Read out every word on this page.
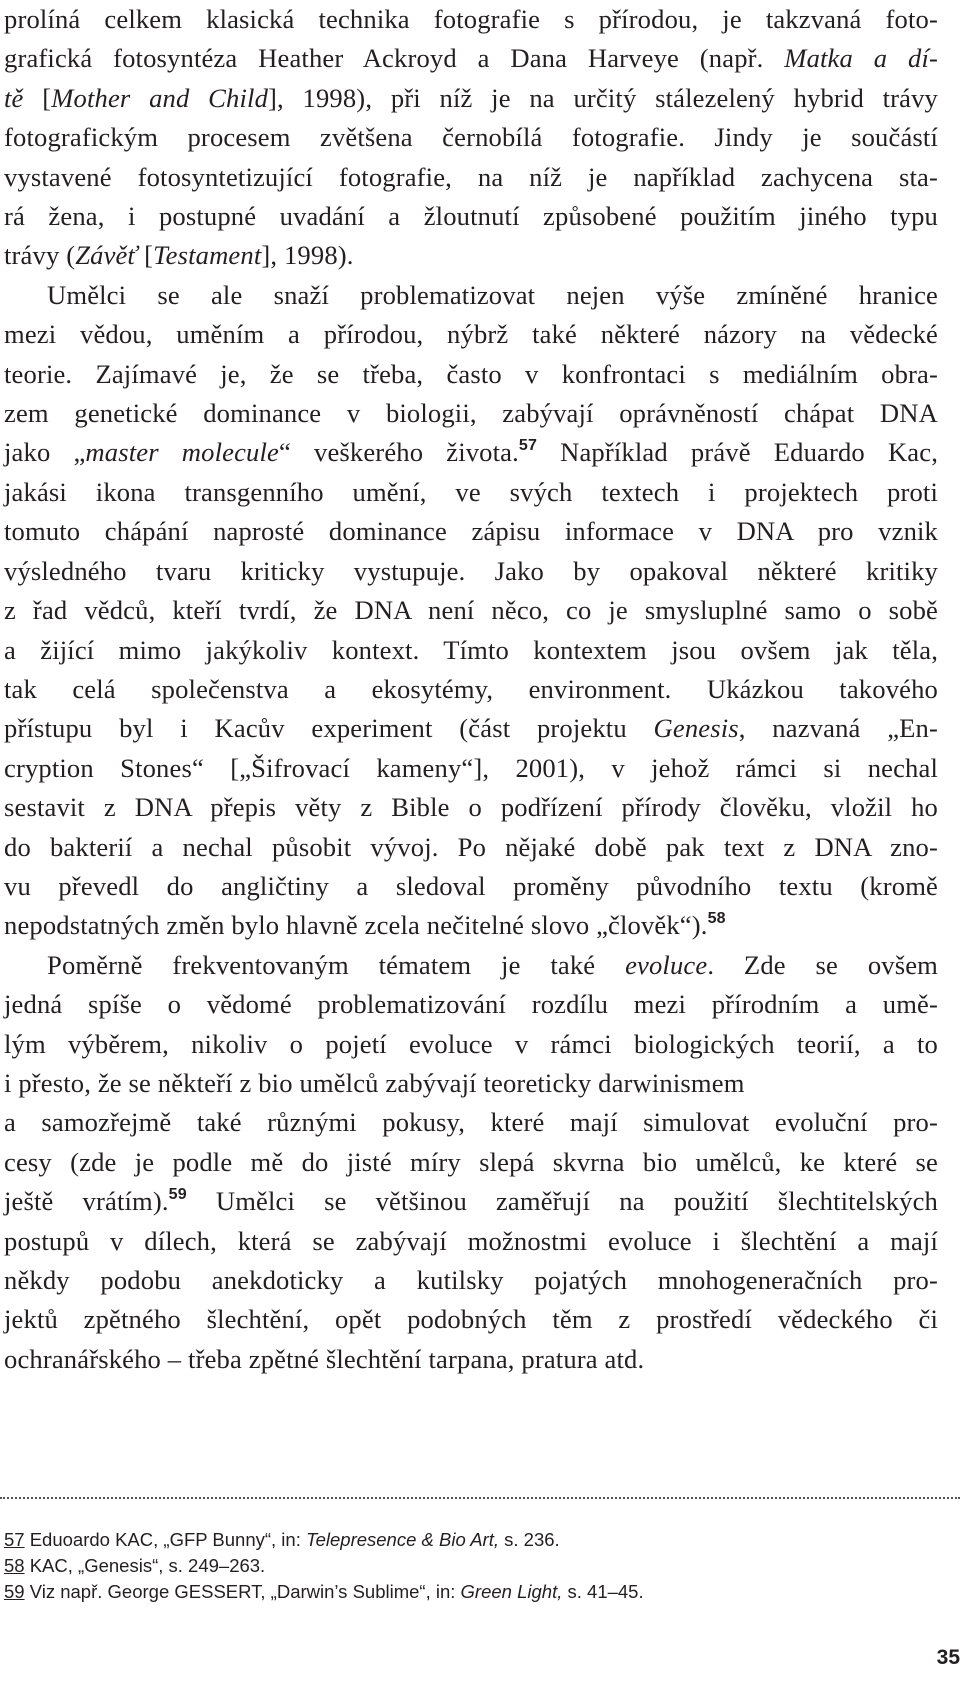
prolíná celkem klasická technika fotografie s přírodou, je takzvaná foto-
grafická fotosyntéza Heather Ackroyd a Dana Harveye (např. Matka a dí-
tě [Mother and Child], 1998), při níž je na určitý stálezelený hybrid trávy
fotografickým procesem zvětšena černobílá fotografie. Jindy je součástí
vystavené fotosyntetizující fotografie, na níž je například zachycena sta-
rá žena, i postupné uvadání a žloutnutí způsobené použitím jiného typu
trávy (Závěť [Testament], 1998).
Umělci se ale snaží problematizovat nejen výše zmíněné hranice
mezi vědou, uměním a přírodou, nýbrž také některé názory na vědecké
teorie. Zajímavé je, že se třeba, často v konfrontaci s mediálním obra-
zem genetické dominance v biologii, zabývají oprávněností chápat DNA
jako „master molecule“ veškerého života.$^{57}$ Například právě Eduardo Kac,
jakási ikona transgenního umění, ve svých textech i projektech proti
tomuto chápání naprosté dominance zápisu informace v DNA pro vznik
výsledného tvaru kriticky vystupuje. Jako by opakoval některé kritiky
z řad vědců, kteří tvrdí, že DNA není něco, co je smysluplné samo o sobě
a žijící mimo jakýkoliv kontext. Tímto kontextem jsou ovšem jak těla,
tak celá společenstva a ekosytémy, environment. Ukázkou takového
přístupu byl i Kacův experiment (část projektu Genesis, nazvaná „En-
cryption Stones“ [„Šifrovací kameny“], 2001), v jehož rámci si nechal
sestavit z DNA přepis věty z Bible o podřízení přírody člověku, vložil ho
do bakterií a nechal působit vývoj. Po nějaké době pak text z DNA zno-
vu převedl do angličtiny a sledoval proměny původního textu (kromě
nepodstatných změn bylo hlavně zcela nečitelné slovo „člověk“).$^{58}$
Poměrně frekventovaným tématem je také evoluce. Zde se ovšem
jedná spíše o vědomé problematizování rozdílu mezi přírodním a umě-
lým výběrem, nikoliv o pojetí evoluce v rámci biologických teorií, a to
i přesto, že se někteří z bio umělců zabývají teoreticky darwinismem
a samozřejmě také různými pokusy, které mají simulovat evoluční pro-
cesy (zde je podle mě do jisté míry slepá skvrna bio umělců, ke které se
ještě vrátím).$^{59}$ Umělci se většinou zaměřují na použití šlechtitelských
postupů v dílech, která se zabývají možnostmi evoluce i šlechtění a mají
někdy podobu anekdoticky a kutilsky pojatých mnohogeneračních pro-
jektů zpětného šlechtění, opět podobných těm z prostředí vědeckého či
ochranářského – třeba zpětné šlechtění tarpana, pratura atd.
57 Eduoardo KAC, „GFP Bunny“, in: Telepresence & Bio Art, s. 236.
58 KAC, „Genesis“, s. 249–263.
59 Viz např. George GESSERT, „Darwin’s Sublime“, in: Green Light, s. 41–45.
35
